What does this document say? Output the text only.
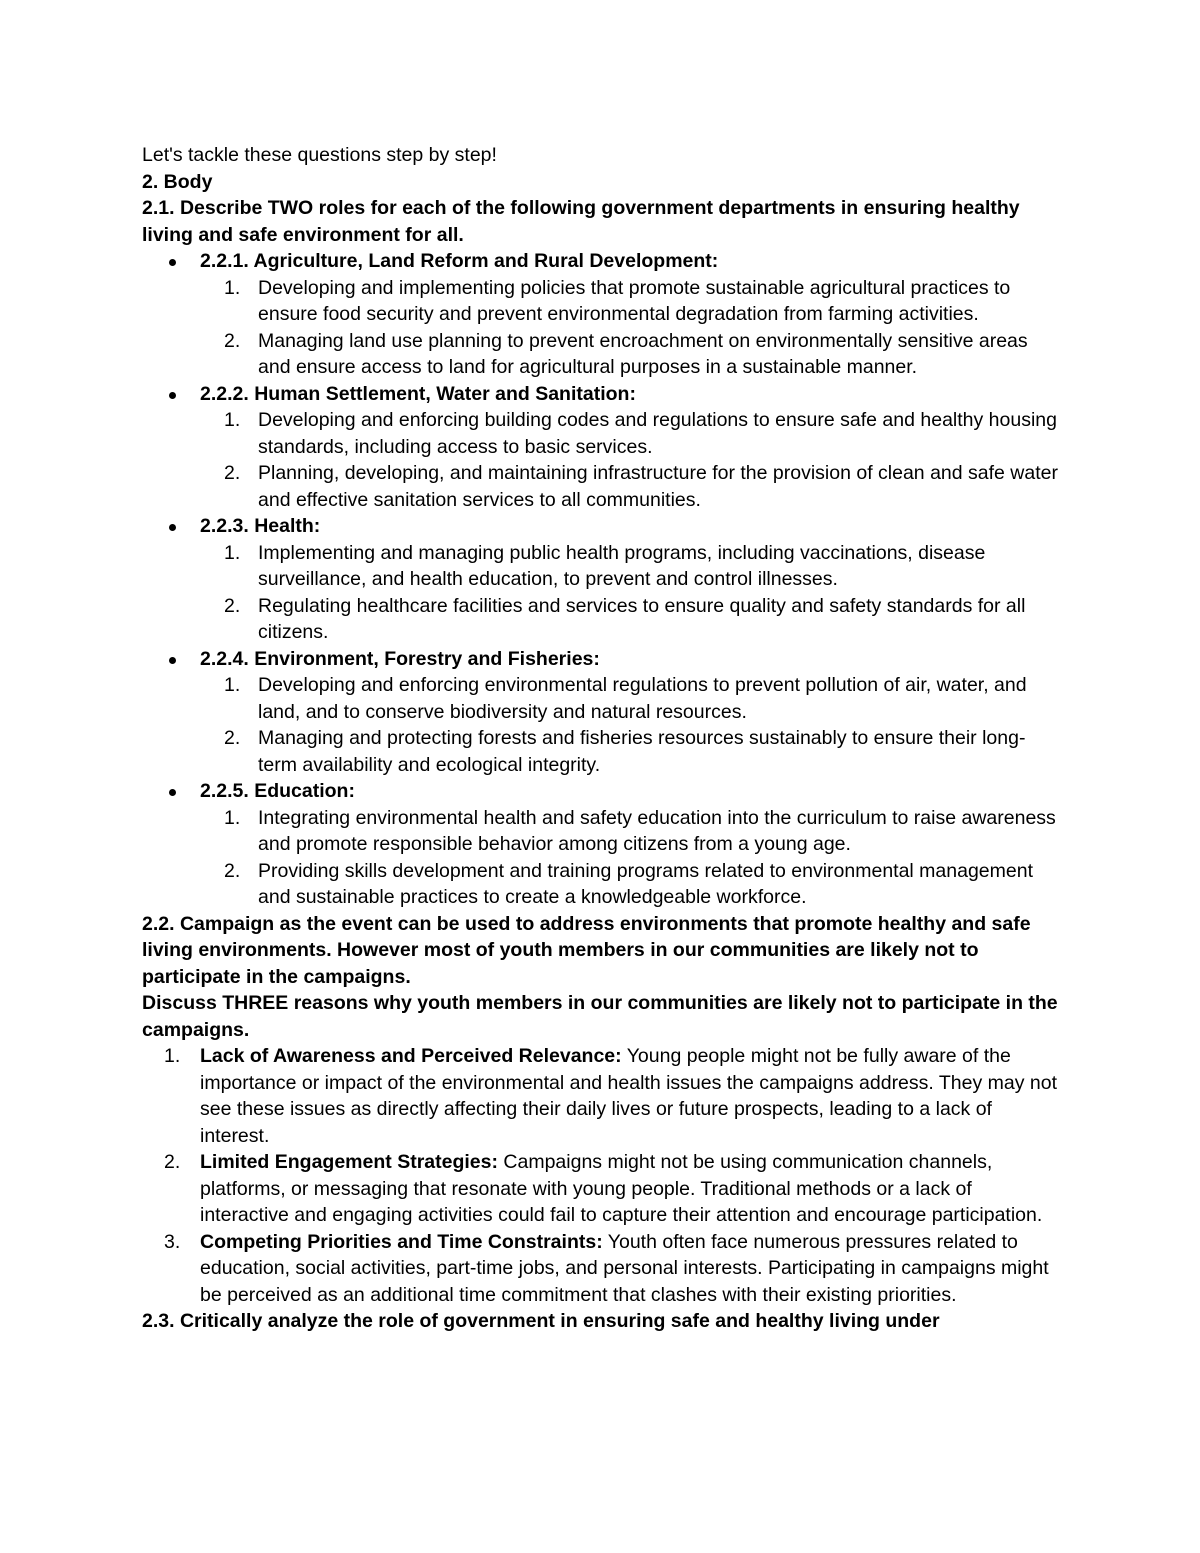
Let's tackle these questions step by step!

2. Body

2.1. Describe TWO roles for each of the following government departments in ensuring healthy living and safe environment for all.

2.2.1. Agriculture, Land Reform and Rural Development:
1. Developing and implementing policies that promote sustainable agricultural practices to ensure food security and prevent environmental degradation from farming activities.
2. Managing land use planning to prevent encroachment on environmentally sensitive areas and ensure access to land for agricultural purposes in a sustainable manner.
2.2.2. Human Settlement, Water and Sanitation:
1. Developing and enforcing building codes and regulations to ensure safe and healthy housing standards, including access to basic services.
2. Planning, developing, and maintaining infrastructure for the provision of clean and safe water and effective sanitation services to all communities.
2.2.3. Health:
1. Implementing and managing public health programs, including vaccinations, disease surveillance, and health education, to prevent and control illnesses.
2. Regulating healthcare facilities and services to ensure quality and safety standards for all citizens.
2.2.4. Environment, Forestry and Fisheries:
1. Developing and enforcing environmental regulations to prevent pollution of air, water, and land, and to conserve biodiversity and natural resources.
2. Managing and protecting forests and fisheries resources sustainably to ensure their long-term availability and ecological integrity.
2.2.5. Education:
1. Integrating environmental health and safety education into the curriculum to raise awareness and promote responsible behavior among citizens from a young age.
2. Providing skills development and training programs related to environmental management and sustainable practices to create a knowledgeable workforce.

2.2. Campaign as the event can be used to address environments that promote healthy and safe living environments. However most of youth members in our communities are likely not to participate in the campaigns.

Discuss THREE reasons why youth members in our communities are likely not to participate in the campaigns.

1. Lack of Awareness and Perceived Relevance: Young people might not be fully aware of the importance or impact of the environmental and health issues the campaigns address. They may not see these issues as directly affecting their daily lives or future prospects, leading to a lack of interest.
2. Limited Engagement Strategies: Campaigns might not be using communication channels, platforms, or messaging that resonate with young people. Traditional methods or a lack of interactive and engaging activities could fail to capture their attention and encourage participation.
3. Competing Priorities and Time Constraints: Youth often face numerous pressures related to education, social activities, part-time jobs, and personal interests. Participating in campaigns might be perceived as an additional time commitment that clashes with their existing priorities.

2.3. Critically analyze the role of government in ensuring safe and healthy living under
